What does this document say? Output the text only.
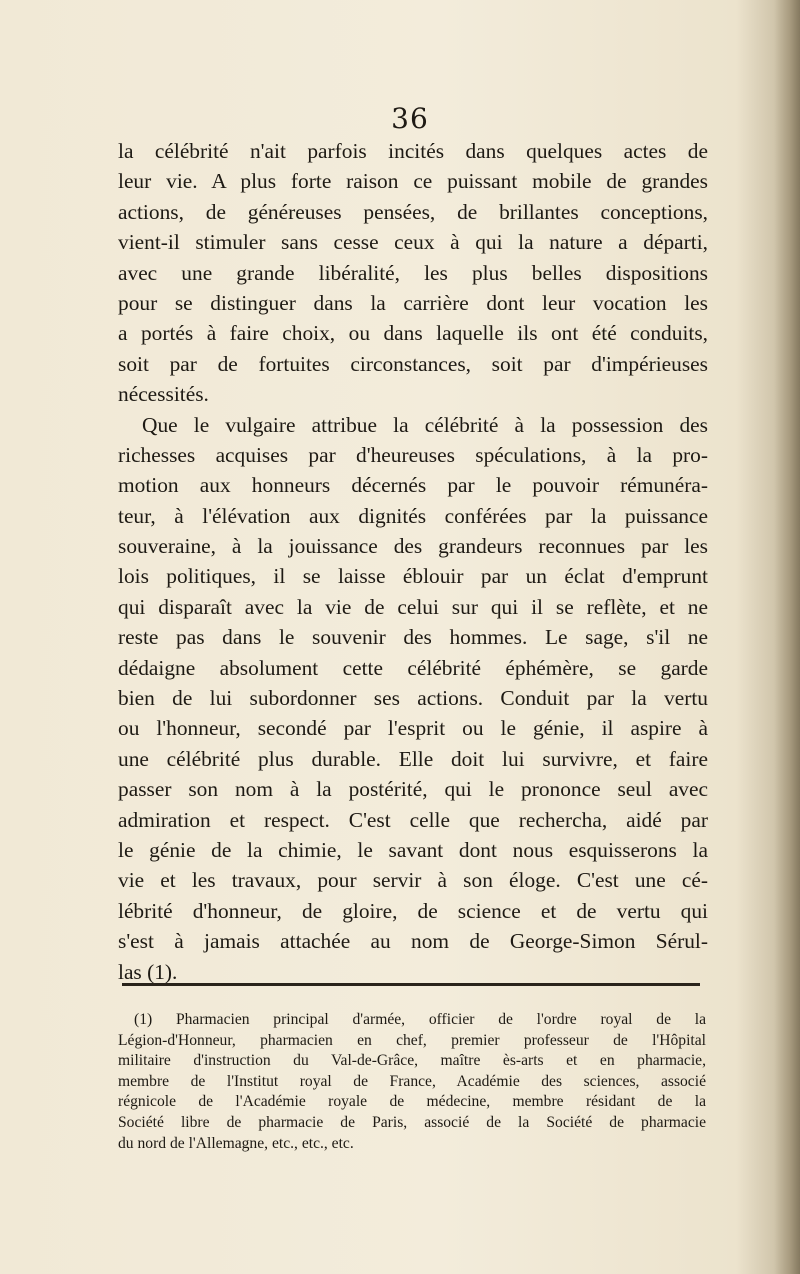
36
la célébrité n'ait parfois incités dans quelques actes de
leur vie. A plus forte raison ce puissant mobile de grandes
actions, de généreuses pensées, de brillantes conceptions,
vient-il stimuler sans cesse ceux à qui la nature a départi,
avec une grande libéralité, les plus belles dispositions
pour se distinguer dans la carrière dont leur vocation les
a portés à faire choix, ou dans laquelle ils ont été conduits,
soit par de fortuites circonstances, soit par d'impérieuses
nécessités.
Que le vulgaire attribue la célébrité à la possession des
richesses acquises par d'heureuses spéculations, à la pro-
motion aux honneurs décernés par le pouvoir rémunéra-
teur, à l'élévation aux dignités conférées par la puissance
souveraine, à la jouissance des grandeurs reconnues par les
lois politiques, il se laisse éblouir par un éclat d'emprunt
qui disparaît avec la vie de celui sur qui il se reflète, et ne
reste pas dans le souvenir des hommes. Le sage, s'il ne
dédaigne absolument cette célébrité éphémère, se garde
bien de lui subordonner ses actions. Conduit par la vertu
ou l'honneur, secondé par l'esprit ou le génie, il aspire à
une célébrité plus durable. Elle doit lui survivre, et faire
passer son nom à la postérité, qui le prononce seul avec
admiration et respect. C'est celle que rechercha, aidé par
le génie de la chimie, le savant dont nous esquisserons la
vie et les travaux, pour servir à son éloge. C'est une cé-
lébrité d'honneur, de gloire, de science et de vertu qui
s'est à jamais attachée au nom de George-Simon Sérul-
las (1).
(1) Pharmacien principal d'armée, officier de l'ordre royal de la
Légion-d'Honneur, pharmacien en chef, premier professeur de l'Hôpital
militaire d'instruction du Val-de-Grâce, maître ès-arts et en pharmacie,
membre de l'Institut royal de France, Académie des sciences, associé
régnicole de l'Académie royale de médecine, membre résidant de la
Société libre de pharmacie de Paris, associé de la Société de pharmacie
du nord de l'Allemagne, etc., etc., etc.
